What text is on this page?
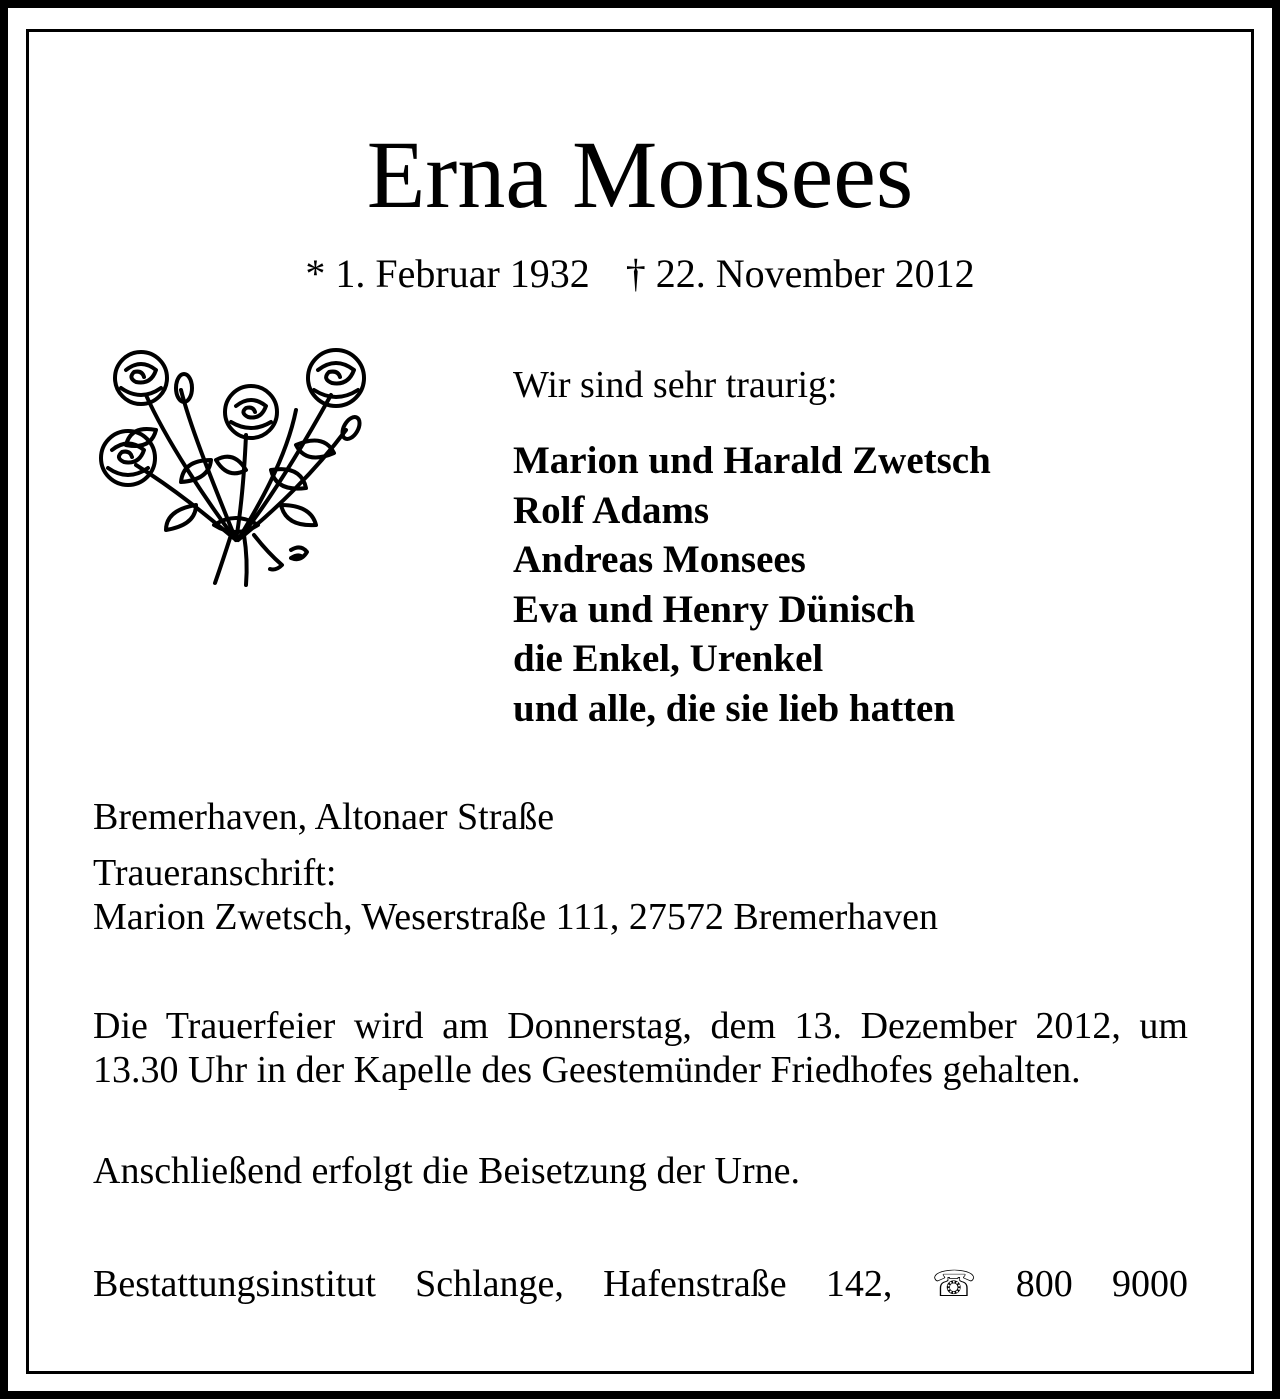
Erna Monsees
* 1. Februar 1932 † 22. November 2012
Wir sind sehr traurig:
Marion und Harald Zwetsch
Rolf Adams
Andreas Monsees
Eva und Henry Dünisch
die Enkel, Urenkel
und alle, die sie lieb hatten
Bremerhaven, Altonaer Straße
Traueranschrift:
Marion Zwetsch, Weserstraße 111, 27572 Bremerhaven
Die Trauerfeier wird am Donnerstag, dem 13. Dezember 2012, um 13.30 Uhr in der Kapelle des Geestemünder Friedhofes gehalten.
Anschließend erfolgt die Beisetzung der Urne.
Bestattungsinstitut Schlange, Hafenstraße 142, ☏ 800 9000
